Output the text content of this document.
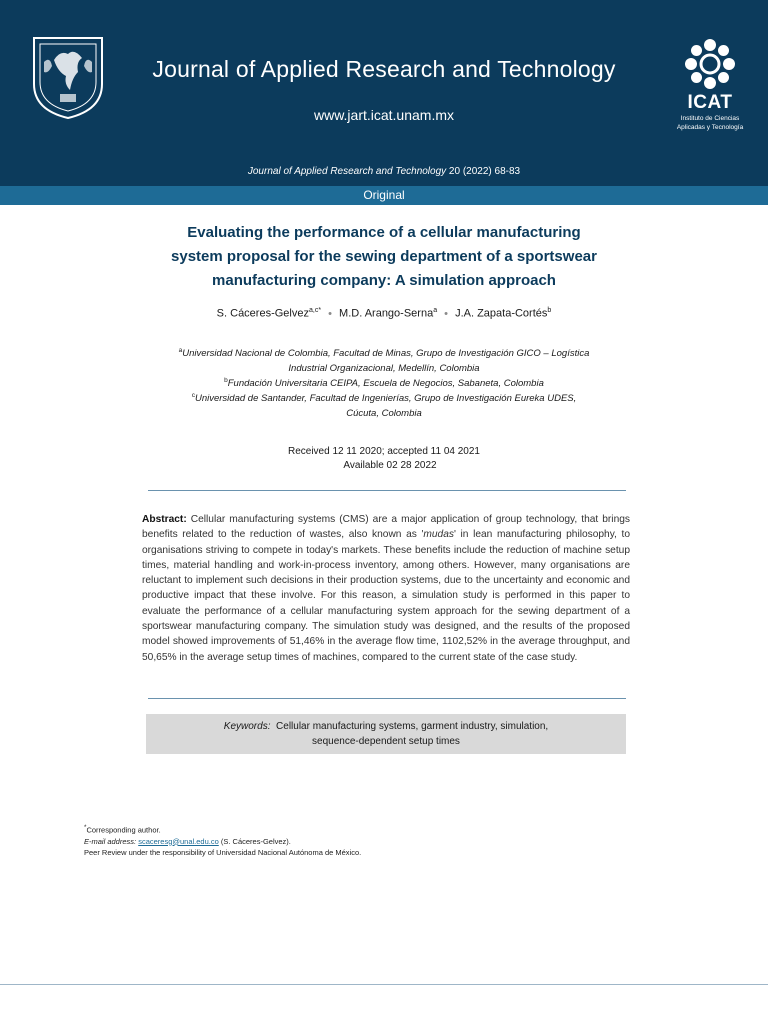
Journal of Applied Research and Technology
www.jart.icat.unam.mx
ICAT
Instituto de Ciencias
Aplicadas y Tecnología
Journal of Applied Research and Technology 20 (2022) 68-83
Original
Evaluating the performance of a cellular manufacturing
system proposal for the sewing department of a sportswear
manufacturing company: A simulation approach
S. Cáceres-Gelvez$^{a,c*}$ • M.D. Arango-Serna$^a$ • J.A. Zapata-Cortés$^b$
$^a$Universidad Nacional de Colombia, Facultad de Minas, Grupo de Investigación GICO – Logística
Industrial Organizacional, Medellín, Colombia
$^b$Fundación Universitaria CEIPA, Escuela de Negocios, Sabaneta, Colombia
$^c$Universidad de Santander, Facultad de Ingenierías, Grupo de Investigación Eureka UDES,
Cúcuta, Colombia
Received 12 11 2020; accepted 11 04 2021
Available 02 28 2022
Abstract: Cellular manufacturing systems (CMS) are a major application of group technology, that brings benefits related to the reduction of wastes, also known as 'mudas' in lean manufacturing philosophy, to organisations striving to compete in today's markets. These benefits include the reduction of machine setup times, material handling and work-in-process inventory, among others. However, many organisations are reluctant to implement such decisions in their production systems, due to the uncertainty and economic and productive impact that these involve. For this reason, a simulation study is performed in this paper to evaluate the performance of a cellular manufacturing system approach for the sewing department of a sportswear manufacturing company. The simulation study was designed, and the results of the proposed model showed improvements of 51,46% in the average flow time, 1102,52% in the average throughput, and 50,65% in the average setup times of machines, compared to the current state of the case study.
Keywords: Cellular manufacturing systems, garment industry, simulation,
sequence-dependent setup times
*Corresponding author.
E-mail address: scaceresg@unal.edu.co (S. Cáceres-Gelvez).
Peer Review under the responsibility of Universidad Nacional Autónoma de México.
